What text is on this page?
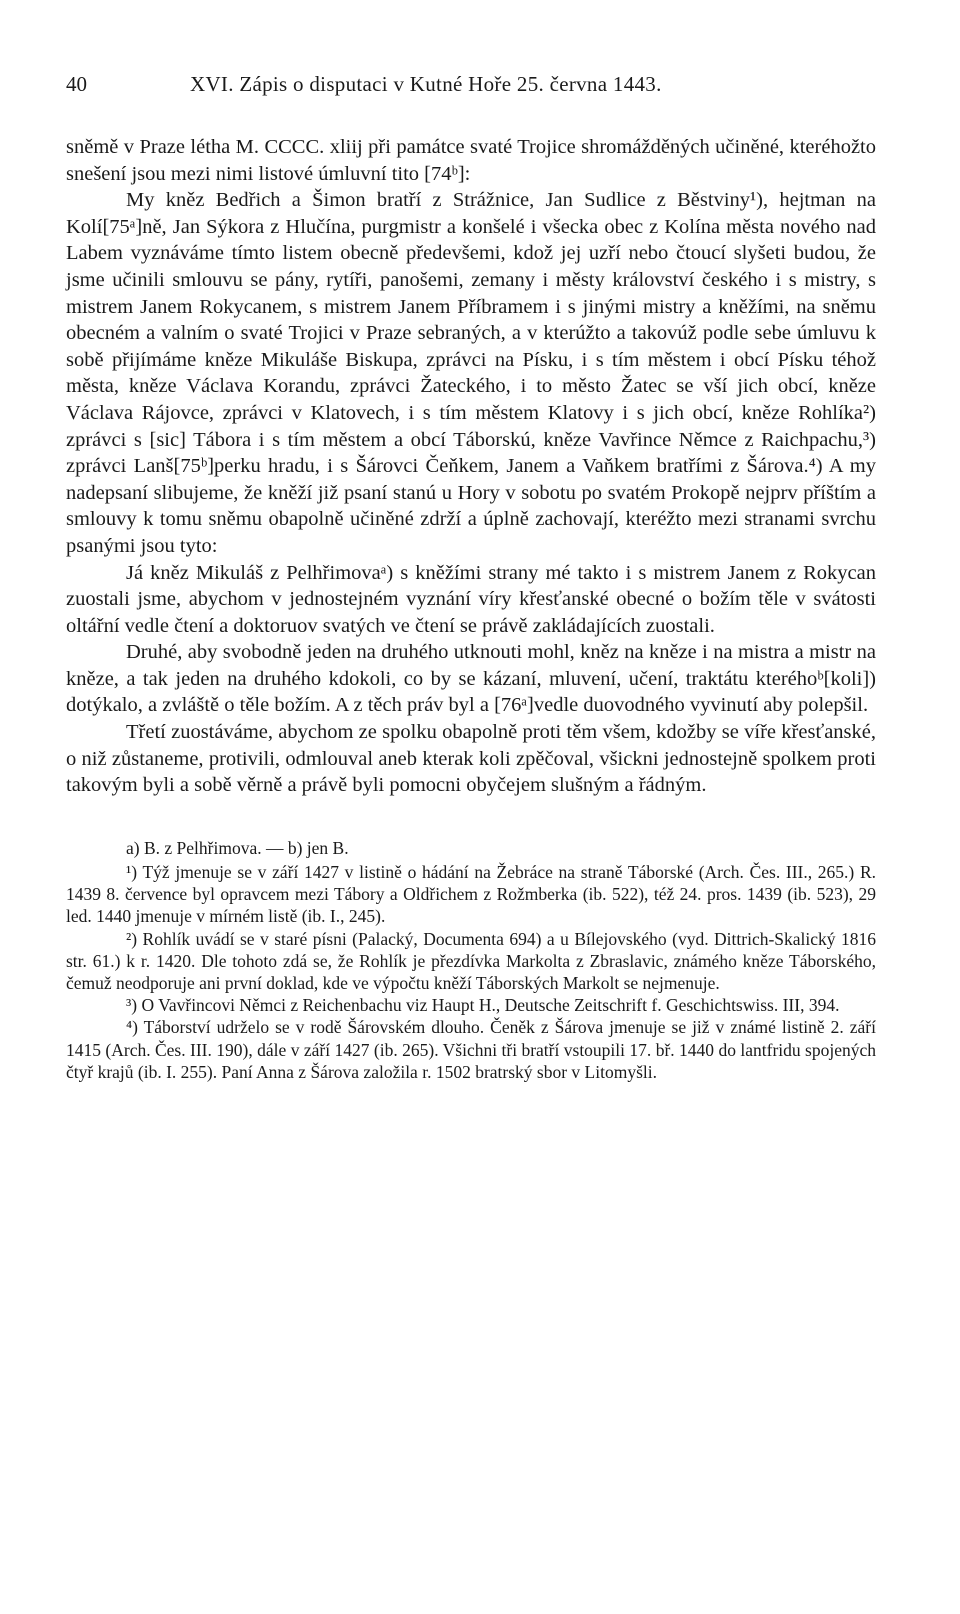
40	XVI. Zápis o disputaci v Kutné Hoře 25. června 1443.

sněmě v Praze létha M. CCCC. xliij při památce svaté Trojice shromážděných učiněné, kteréhožto snešení jsou mezi nimi listové úmluvní tito [74ᵇ]:

My kněz Bedřich a Šimon bratří z Strážnice, Jan Sudlice z Běstviny¹), hejtman na Kolí[75ᵃ]ně, Jan Sýkora z Hlučína, purgmistr a konšelé i všecka obec z Kolína města nového nad Labem vyznáváme tímto listem obecně předevšemi, kdož jej uzří nebo čtoucí slyšeti budou, že jsme učinili smlouvu se pány, rytíři, panošemi, zemany i městy království českého i s mistry, s mistrem Janem Rokycanem, s mistrem Janem Příbramem i s jinými mistry a kněžími, na sněmu obecném a valním o svaté Trojici v Praze sebraných, a v kterúžto a takovúž podle sebe úmluvu k sobě přijímáme kněze Mikuláše Biskupa, zprávci na Písku, i s tím městem i obcí Písku téhož města, kněze Václava Korandu, zprávci Žateckého, i to město Žatec se vší jich obcí, kněze Václava Rájovce, zprávci v Klatovech, i s tím městem Klatovy i s jich obcí, kněze Rohlíka²) zprávci s [sic] Tábora i s tím městem a obcí Táborskú, kněze Vavřince Němce z Raichpachu,³) zprávci Lanš[75ᵇ]perku hradu, i s Šárovci Čeňkem, Janem a Vaňkem bratřími z Šárova.⁴) A my nadepsaní slibujeme, že kněží již psaní stanú u Hory v sobotu po svatém Prokopě nejprv příštím a smlouvy k tomu sněmu obapolně učiněné zdrží a úplně zachovají, kteréžto mezi stranami svrchu psanými jsou tyto:

Já kněz Mikuláš z Pelhřimovaᵃ) s kněžími strany mé takto i s mistrem Janem z Rokycan zuostali jsme, abychom v jednostejném vyznání víry křesťanské obecné o božím těle v svátosti oltářní vedle čtení a doktoruov svatých ve čtení se právě zakládajících zuostali.

Druhé, aby svobodně jeden na druhého utknouti mohl, kněz na kněze i na mistra a mistr na kněze, a tak jeden na druhého kdokoli, co by se kázaní, mluvení, učení, traktátu kteréhoᵇ[koli]) dotýkalo, a zvláště o těle božím. A z těch práv byl a [76ᵃ]vedle duovodného vyvinutí aby polepšil.

Třetí zuostáváme, abychom ze spolku obapolně proti těm všem, kdožby se víře křesťanské, o niž zůstaneme, protivili, odmlouval aneb kterak koli zpěčoval, všickni jednostejně spolkem proti takovým byli a sobě věrně a právě byli pomocni obyčejem slušným a řádným.

a) B. z Pelhřimova. — b) jen B.

¹) Týž jmenuje se v září 1427 v listině o hádání na Žebráce na straně Táborské (Arch. Čes. III., 265.) R. 1439 8. července byl opravcem mezi Tábory a Oldřichem z Rožmberka (ib. 522), též 24. pros. 1439 (ib. 523), 29 led. 1440 jmenuje v mírném listě (ib. I., 245).

²) Rohlík uvádí se v staré písni (Palacký, Documenta 694) a u Bílejovského (vyd. Dittrich-Skalický 1816 str. 61.) k r. 1420. Dle tohoto zdá se, že Rohlík je přezdívka Markolta z Zbraslavic, známého kněze Táborského, čemuž neodporuje ani první doklad, kde ve výpočtu kněží Táborských Markolt se nejmenuje.

³) O Vavřincovi Němci z Reichenbachu viz Haupt H., Deutsche Zeitschrift f. Geschichtswiss. III, 394.

⁴) Táborství udrželo se v rodě Šárovském dlouho. Čeněk z Šárova jmenuje se již v známé listině 2. září 1415 (Arch. Čes. III. 190), dále v září 1427 (ib. 265). Všichni tři bratří vstoupili 17. bř. 1440 do lantfridu spojených čtyř krajů (ib. I. 255). Paní Anna z Šárova založila r. 1502 bratrský sbor v Litomyšli.
